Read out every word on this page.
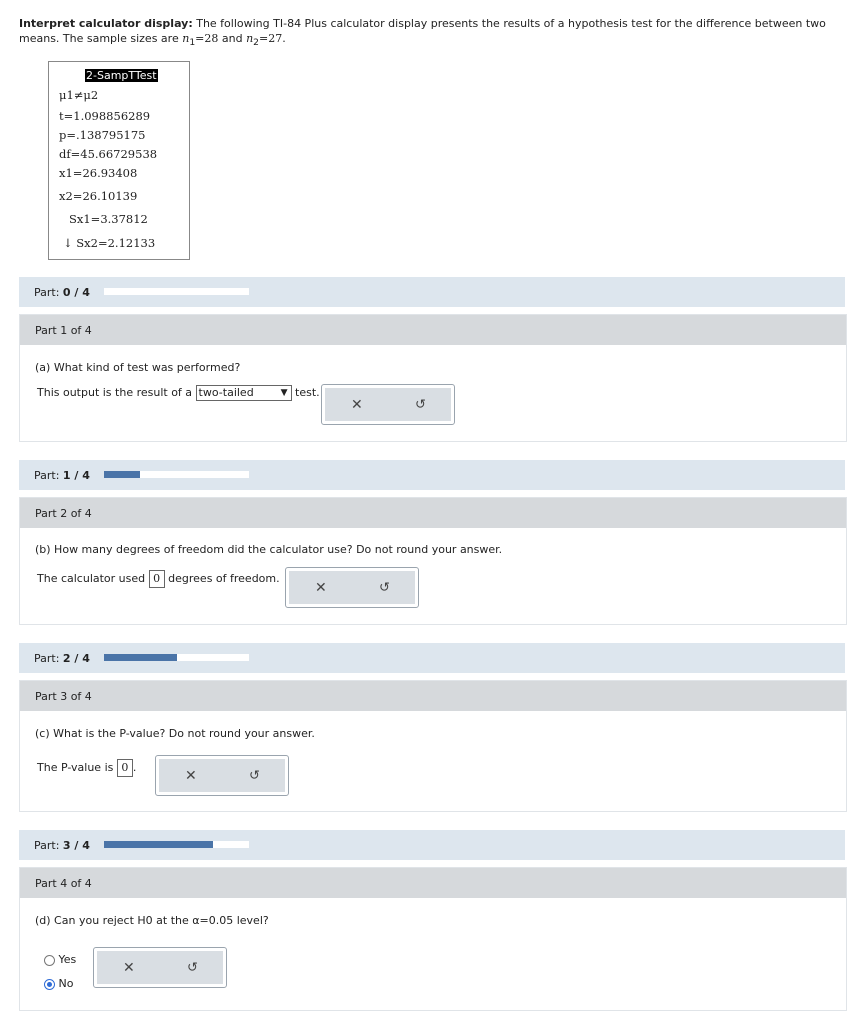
Interpret calculator display: The following TI-84 Plus calculator display presents the results of a hypothesis test for the difference between two means. The sample sizes are $n_1=28$ and $n_2=27$.
2-SampTTest
μ1≠μ2
t=1.098856289
p=.138795175
df=45.66729538
x1=26.93408
x2=26.10139
Sx1=3.37812
↓ Sx2=2.12133
Part: 0 / 4
Part 1 of 4
(a) What kind of test was performed?
This output is the result of a two-tailed	▼ test.
✕	↺
Part: 1 / 4
Part 2 of 4
(b) How many degrees of freedom did the calculator use? Do not round your answer.
The calculator used 0 degrees of freedom.
✕	↺
Part: 2 / 4
Part 3 of 4
(c) What is the P-value? Do not round your answer.
The P-value is 0 .	✕	↺
Part: 3 / 4
Part 4 of 4
(d) Can you reject H0 at the α=0.05 level?
Yes
No
✕	↺
